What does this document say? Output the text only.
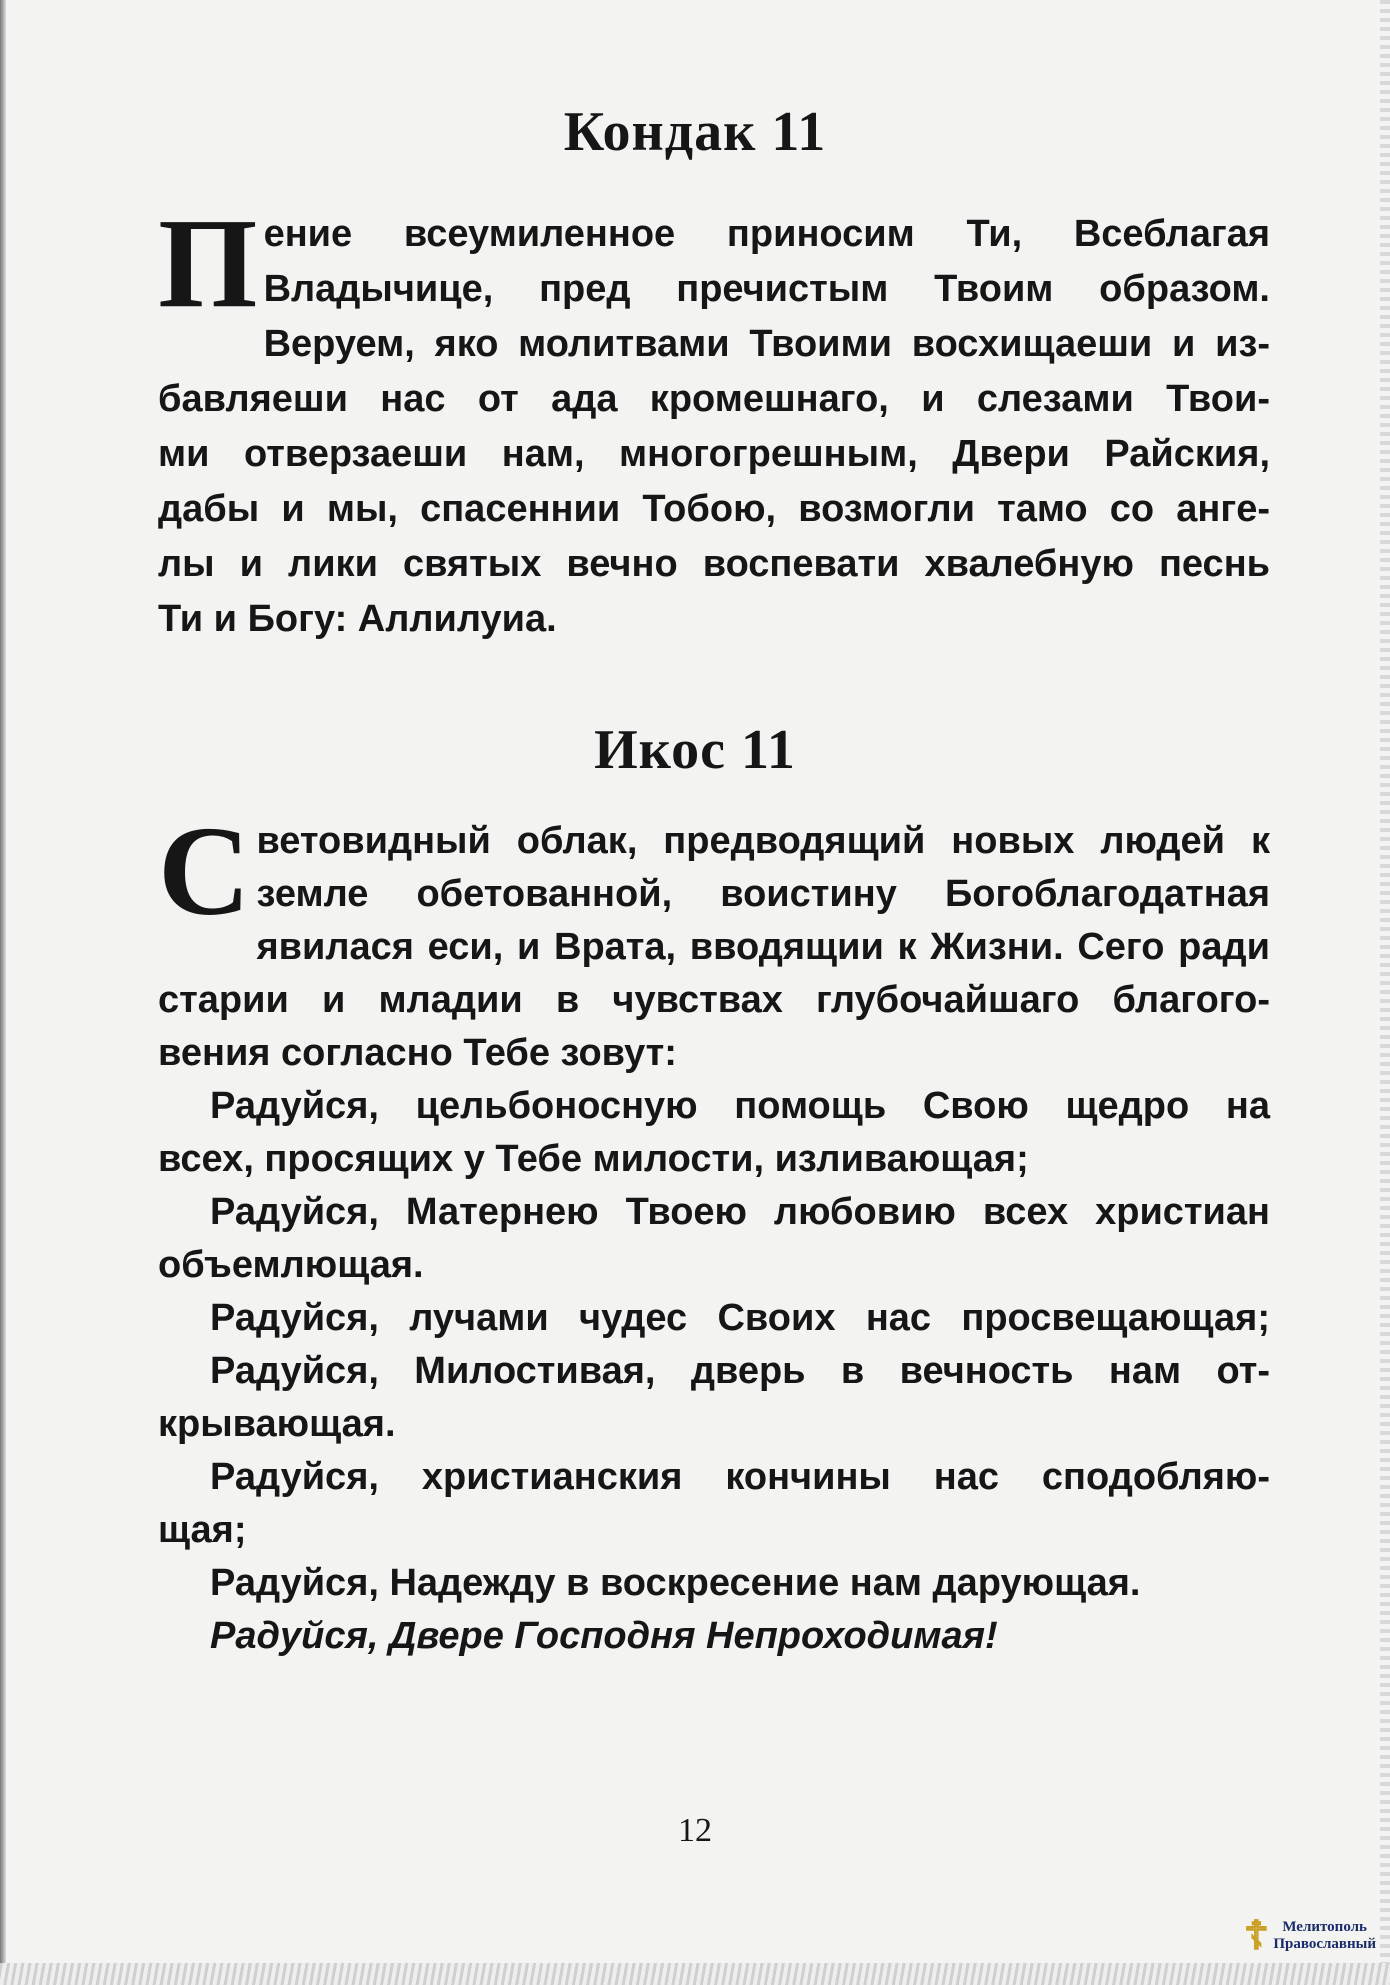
Кондак 11
П ение всеумиленное приносим Ти, Всеблагая
Владычице, пред пречистым Твоим образом.
Веруем, яко молитвами Твоими восхищаеши и из-
бавляеши нас от ада кромешнаго, и слезами Твои-
ми отверзаеши нам, многогрешным, Двери Райския,
дабы и мы, спасеннии Тобою, возмогли тамо со анге-
лы и лики святых вечно воспевати хвалебную песнь
Ти и Богу: Аллилуиа.
Икос 11
С ветовидный облак, предводящий новых людей к
земле обетованной, воистину Богоблагодатная
явилася еси, и Врата, вводящии к Жизни. Сего ради
старии и младии в чувствах глубочайшаго благого-
вения согласно Тебе зовут:
Радуйся, цельбоносную помощь Свою щедро на
всех, просящих у Тебе милости, изливающая;
Радуйся, Матернею Твоею любовию всех христиан
объемлющая.
Радуйся, лучами чудес Своих нас просвещающая;
Радуйся, Милостивая, дверь в вечность нам от-
крывающая.
Радуйся, христианския кончины нас сподобляю-
щая;
Радуйся, Надежду в воскресение нам дарующая.
Радуйся, Дверe Господня Непроходимая!
12
☦ Мелитополь
Православный
